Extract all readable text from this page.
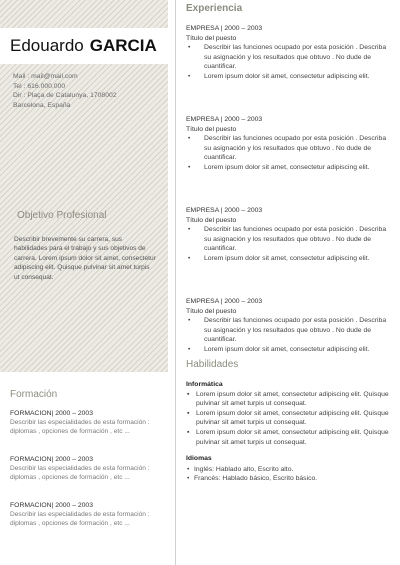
Edouardo GARCIA
Mail : mail@mail.com
Tel : 616.000.000
Dir : Plaça de Catalunya, 1708002
Barcelona, España
Objetivo Profesional
Describir brevemente su carrera, sus habilidades para el trabajo y sus objetivos de carrera. Lorem ipsum dolor sit amet, consectetur adipiscing elit. Quisque pulvinar sit amet turpis ut consequat.
Formación
FORMACION| 2000 – 2003
Describir las especialidades de esta formación : diplomas , opciones de formación , etc ...
FORMACION| 2000 – 2003
Describir las especialidades de esta formación : diplomas , opciones de formación , etc ...
FORMACION| 2000 – 2003
Describir las especialidades de esta formación : diplomas , opciones de formación , etc ...
Experiencia
EMPRESA | 2000 – 2003
Título del puesto
• Describir las funciones ocupado por esta posición . Describa su asignación y los resultados que obtuvo . No dude de cuantificar.
• Lorem ipsum dolor sit amet, consectetur adipiscing elit.
EMPRESA | 2000 – 2003
Título del puesto
• Describir las funciones ocupado por esta posición . Describa su asignación y los resultados que obtuvo . No dude de cuantificar.
• Lorem ipsum dolor sit amet, consectetur adipiscing elit.
EMPRESA | 2000 – 2003
Título del puesto
• Describir las funciones ocupado por esta posición . Describa su asignación y los resultados que obtuvo . No dude de cuantificar.
• Lorem ipsum dolor sit amet, consectetur adipiscing elit.
EMPRESA | 2000 – 2003
Título del puesto
• Describir las funciones ocupado por esta posición . Describa su asignación y los resultados que obtuvo . No dude de cuantificar.
• Lorem ipsum dolor sit amet, consectetur adipiscing elit.
Habilidades
Informática
▪ Lorem ipsum dolor sit amet, consectetur adipiscing elit. Quisque pulvinar sit amet turpis ut consequat.
▪ Lorem ipsum dolor sit amet, consectetur adipiscing elit. Quisque pulvinar sit amet turpis ut consequat.
▪ Lorem ipsum dolor sit amet, consectetur adipiscing elit. Quisque pulvinar sit amet turpis ut consequat.
Idiomas
• Inglés: Hablado alto, Escrito alto.
• Francés: Hablado básico, Escrito básico.
